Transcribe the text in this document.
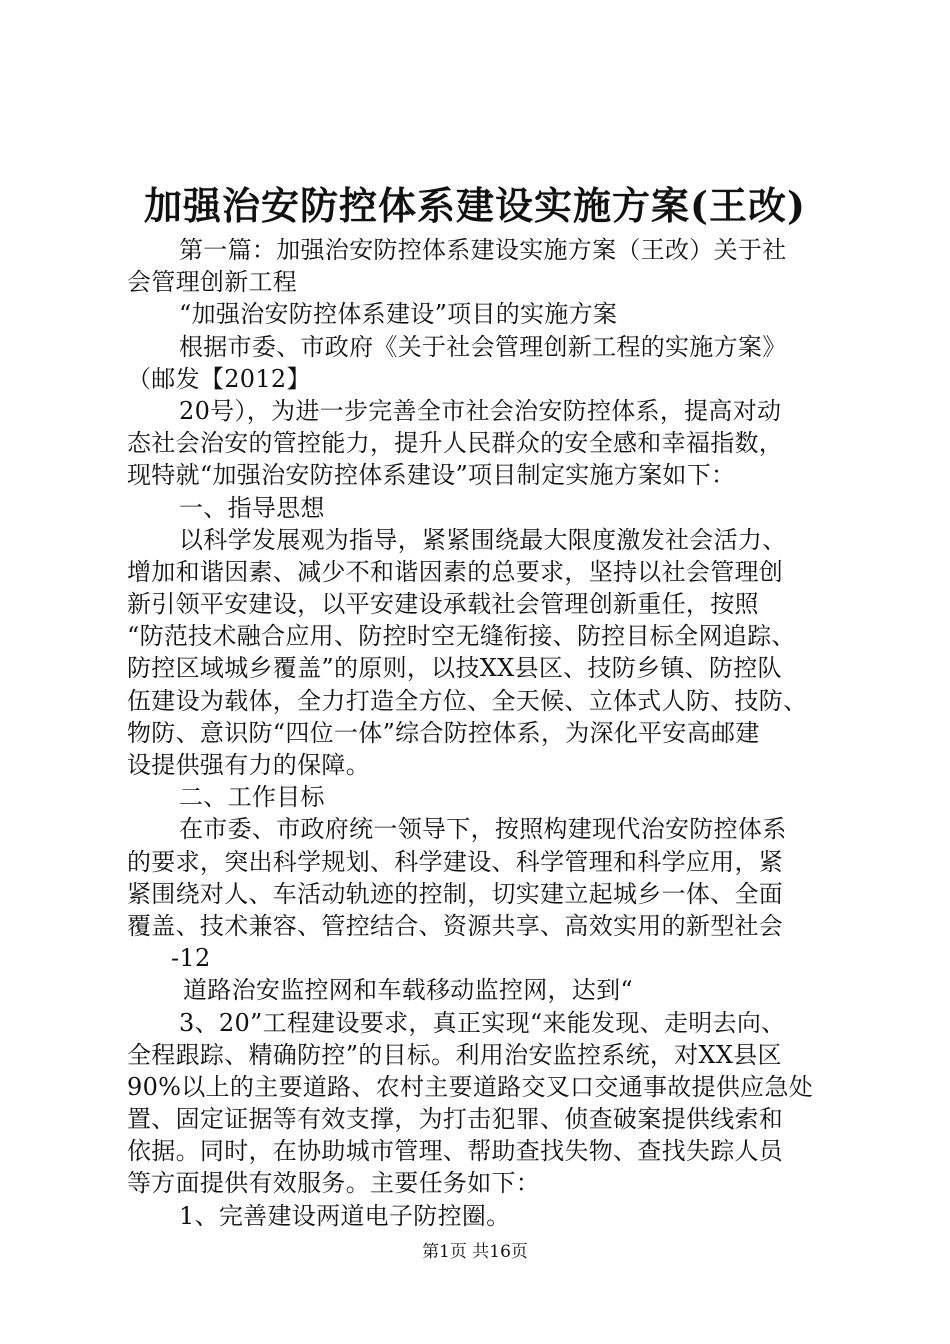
加强治安防控体系建设实施方案(王改)
第一篇：加强治安防控体系建设实施方案（王改）关于社
会管理创新工程
“加强治安防控体系建设”项目的实施方案
根据市委、市政府《关于社会管理创新工程的实施方案》
（邮发【2012】
20号），为进一步完善全市社会治安防控体系，提高对动
态社会治安的管控能力，提升人民群众的安全感和幸福指数，
现特就“加强治安防控体系建设”项目制定实施方案如下：
一、指导思想
以科学发展观为指导，紧紧围绕最大限度激发社会活力、
增加和谐因素、减少不和谐因素的总要求，坚持以社会管理创
新引领平安建设，以平安建设承载社会管理创新重任，按照
“防范技术融合应用、防控时空无缝衔接、防控目标全网追踪、
防控区域城乡覆盖”的原则，以技XX县区、技防乡镇、防控队
伍建设为载体，全力打造全方位、全天候、立体式人防、技防、
物防、意识防“四位一体”综合防控体系，为深化平安高邮建
设提供强有力的保障。
二、工作目标
在市委、市政府统一领导下，按照构建现代治安防控体系
的要求，突出科学规划、科学建设、科学管理和科学应用，紧
紧围绕对人、车活动轨迹的控制，切实建立起城乡一体、全面
覆盖、技术兼容、管控结合、资源共享、高效实用的新型社会
-12
道路治安监控网和车载移动监控网，达到“
3、20”工程建设要求，真正实现“来能发现、走明去向、
全程跟踪、精确防控”的目标。利用治安监控系统，对XX县区
90%以上的主要道路、农村主要道路交叉口交通事故提供应急处
置、固定证据等有效支撑，为打击犯罪、侦查破案提供线索和
依据。同时，在协助城市管理、帮助查找失物、查找失踪人员
等方面提供有效服务。主要任务如下：
1、完善建设两道电子防控圈。
第1页 共16页
